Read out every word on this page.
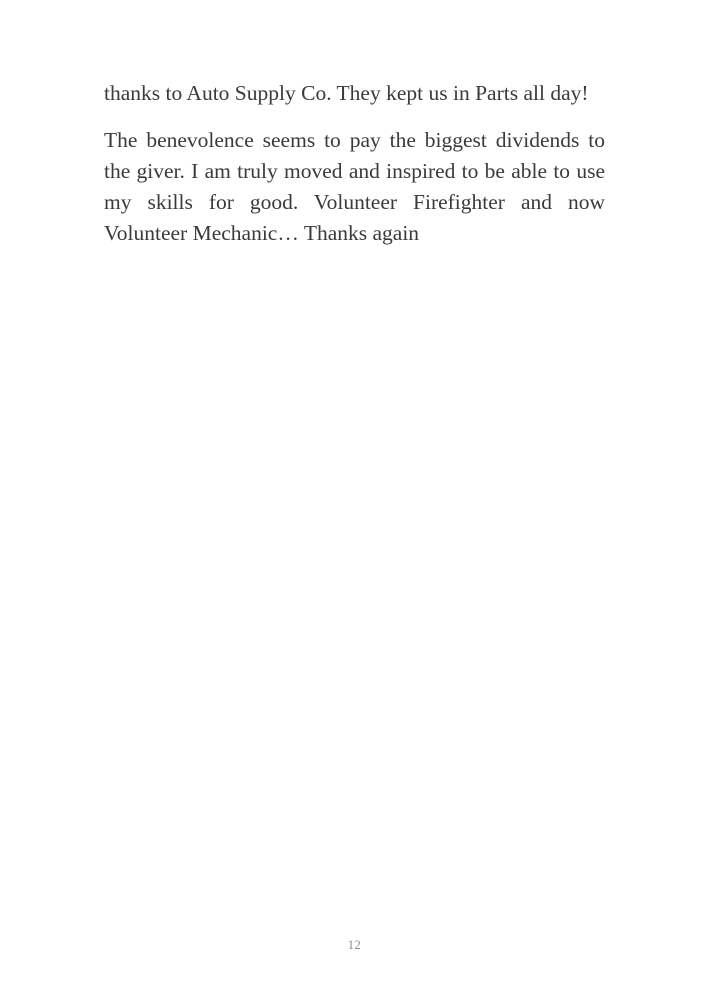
thanks to Auto Supply Co. They kept us in Parts all day!

The benevolence seems to pay the biggest dividends to the giver. I am truly moved and inspired to be able to use my skills for good. Volunteer Firefighter and now Volunteer Mechanic… Thanks again

12
